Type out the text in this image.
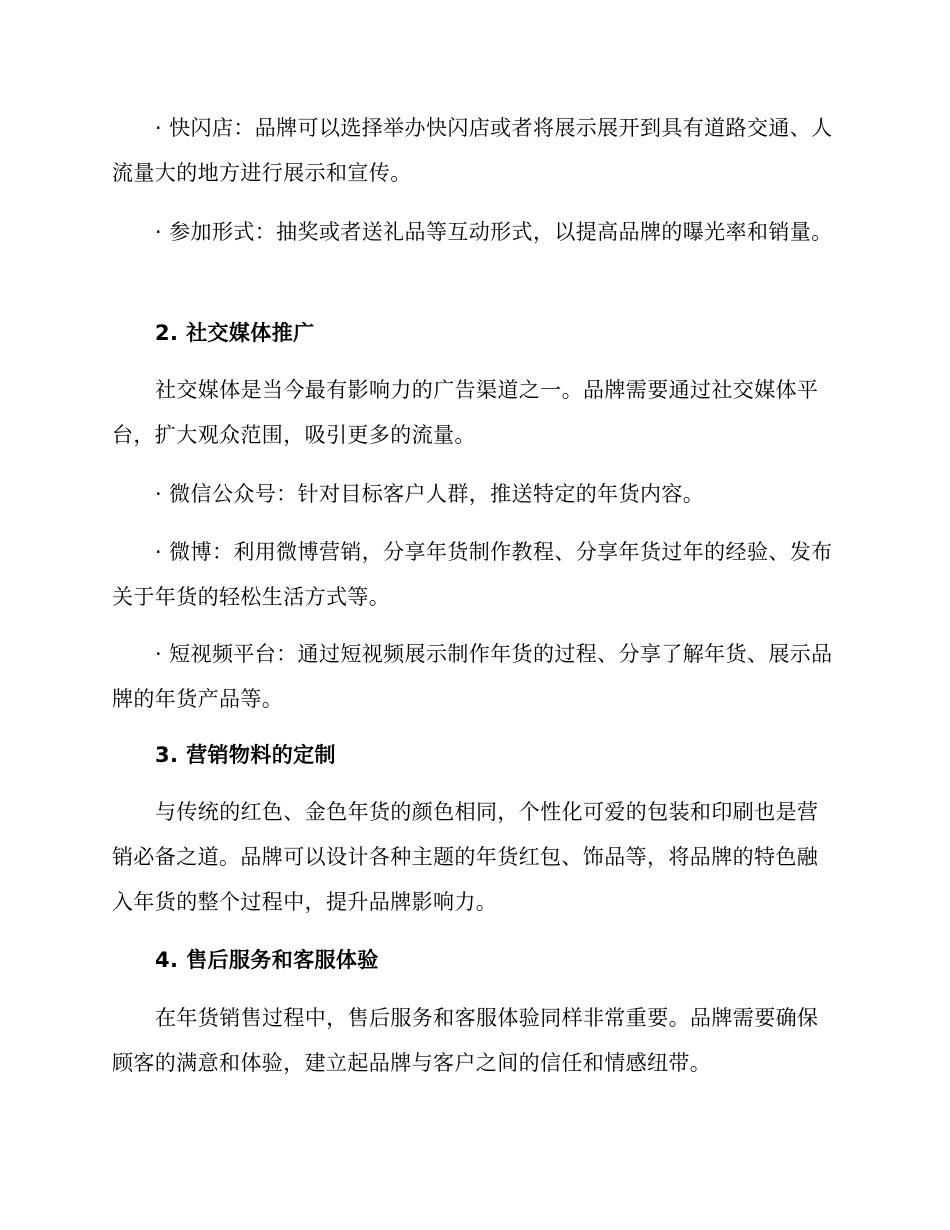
· 快闪店：品牌可以选择举办快闪店或者将展示展开到具有道路交通、人流量大的地方进行展示和宣传。

· 参加形式：抽奖或者送礼品等互动形式，以提高品牌的曝光率和销量。

2. 社交媒体推广

社交媒体是当今最有影响力的广告渠道之一。品牌需要通过社交媒体平台，扩大观众范围，吸引更多的流量。

· 微信公众号：针对目标客户人群，推送特定的年货内容。

· 微博：利用微博营销，分享年货制作教程、分享年货过年的经验、发布关于年货的轻松生活方式等。

· 短视频平台：通过短视频展示制作年货的过程、分享了解年货、展示品牌的年货产品等。

3. 营销物料的定制

与传统的红色、金色年货的颜色相同，个性化可爱的包装和印刷也是营销必备之道。品牌可以设计各种主题的年货红包、饰品等，将品牌的特色融入年货的整个过程中，提升品牌影响力。

4. 售后服务和客服体验

在年货销售过程中，售后服务和客服体验同样非常重要。品牌需要确保顾客的满意和体验，建立起品牌与客户之间的信任和情感纽带。
